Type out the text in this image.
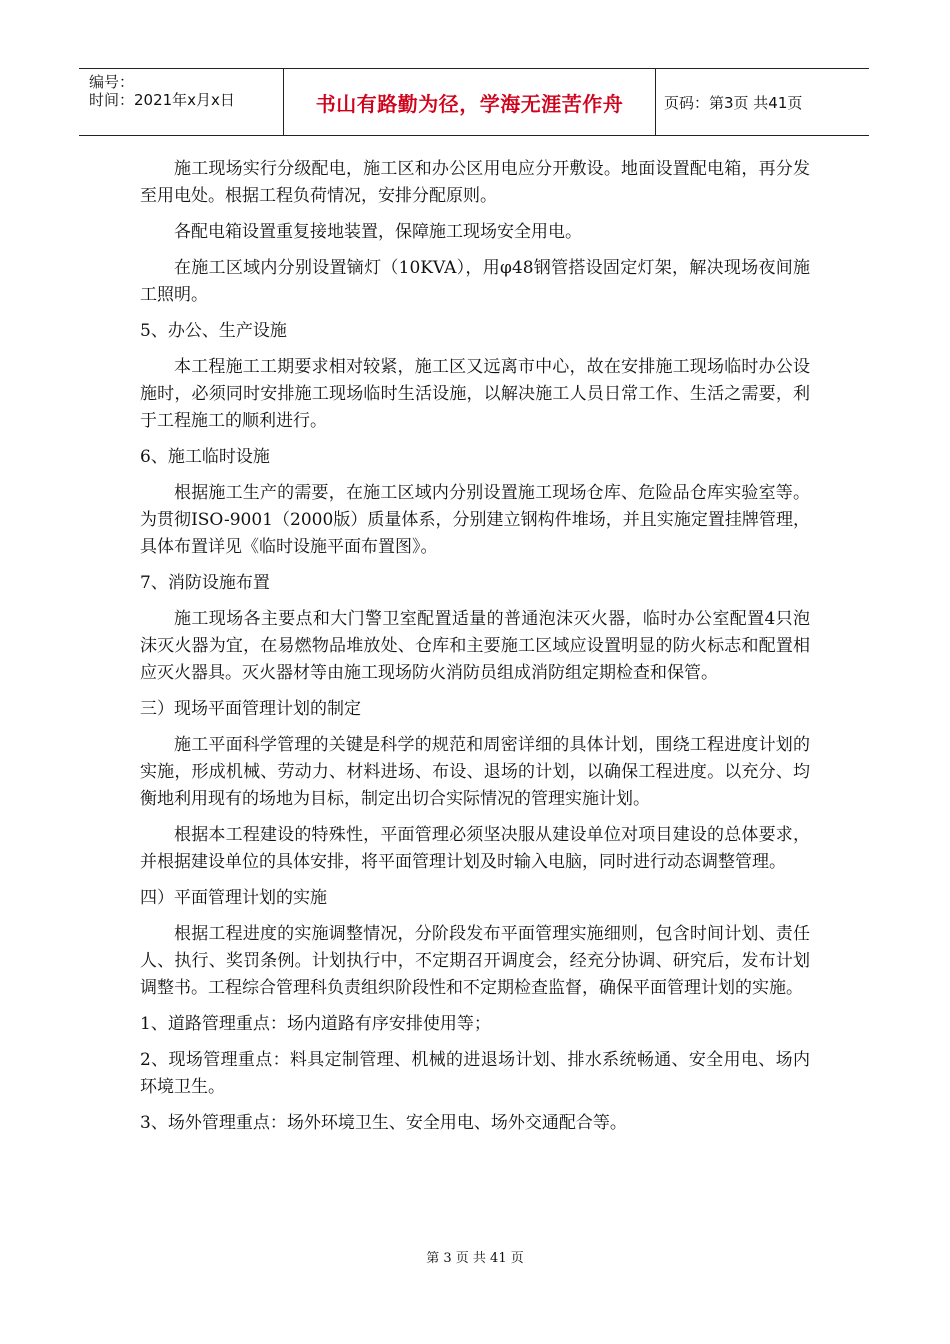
编号：
时间：2021年x月x日	书山有路勤为径，学海无涯苦作舟	页码：第3页 共41页

施工现场实行分级配电，施工区和办公区用电应分开敷设。地面设置配电箱，再分发至用电处。根据工程负荷情况，安排分配原则。

各配电箱设置重复接地装置，保障施工现场安全用电。

在施工区域内分别设置镝灯（10KVA），用φ48钢管搭设固定灯架，解决现场夜间施工照明。

5、办公、生产设施

本工程施工工期要求相对较紧，施工区又远离市中心，故在安排施工现场临时办公设施时，必须同时安排施工现场临时生活设施，以解决施工人员日常工作、生活之需要，利于工程施工的顺利进行。

6、施工临时设施

根据施工生产的需要，在施工区域内分别设置施工现场仓库、危险品仓库实验室等。为贯彻ISO-9001（2000版）质量体系，分别建立钢构件堆场，并且实施定置挂牌管理，具体布置详见《临时设施平面布置图》。

7、消防设施布置

施工现场各主要点和大门警卫室配置适量的普通泡沫灭火器，临时办公室配置4只泡沫灭火器为宜，在易燃物品堆放处、仓库和主要施工区域应设置明显的防火标志和配置相应灭火器具。灭火器材等由施工现场防火消防员组成消防组定期检查和保管。

三）现场平面管理计划的制定

施工平面科学管理的关键是科学的规范和周密详细的具体计划，围绕工程进度计划的实施，形成机械、劳动力、材料进场、布设、退场的计划，以确保工程进度。以充分、均衡地利用现有的场地为目标，制定出切合实际情况的管理实施计划。

根据本工程建设的特殊性，平面管理必须坚决服从建设单位对项目建设的总体要求，并根据建设单位的具体安排，将平面管理计划及时输入电脑，同时进行动态调整管理。

四）平面管理计划的实施

根据工程进度的实施调整情况，分阶段发布平面管理实施细则，包含时间计划、责任人、执行、奖罚条例。计划执行中，不定期召开调度会，经充分协调、研究后，发布计划调整书。工程综合管理科负责组织阶段性和不定期检查监督，确保平面管理计划的实施。

1、道路管理重点：场内道路有序安排使用等；

2、现场管理重点：料具定制管理、机械的进退场计划、排水系统畅通、安全用电、场内环境卫生。

3、场外管理重点：场外环境卫生、安全用电、场外交通配合等。

第 3 页 共 41 页
